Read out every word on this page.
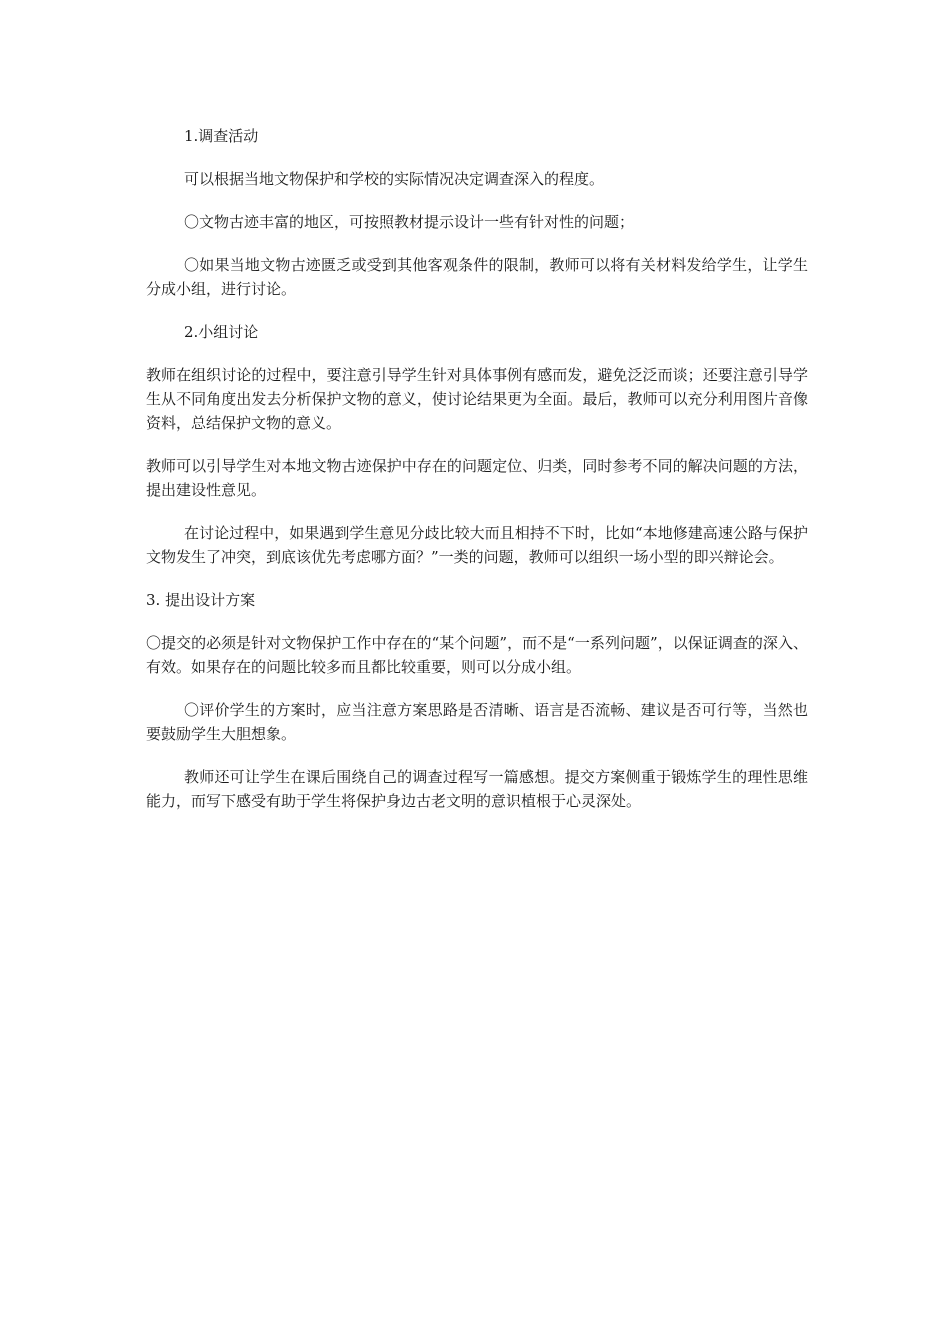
1.调查活动

可以根据当地文物保护和学校的实际情况决定调查深入的程度。

〇文物古迹丰富的地区，可按照教材提示设计一些有针对性的问题；

〇如果当地文物古迹匮乏或受到其他客观条件的限制，教师可以将有关材料发给学生，让学生分成小组，进行讨论。

2.小组讨论

教师在组织讨论的过程中，要注意引导学生针对具体事例有感而发，避免泛泛而谈；还要注意引导学生从不同角度出发去分析保护文物的意义，使讨论结果更为全面。最后，教师可以充分利用图片音像资料，总结保护文物的意义。

教师可以引导学生对本地文物古迹保护中存在的问题定位、归类，同时参考不同的解决问题的方法，提出建设性意见。

在讨论过程中，如果遇到学生意见分歧比较大而且相持不下时，比如“本地修建高速公路与保护文物发生了冲突，到底该优先考虑哪方面？”一类的问题，教师可以组织一场小型的即兴辩论会。

3. 提出设计方案

〇提交的必须是针对文物保护工作中存在的“某个问题”，而不是“一系列问题”，以保证调查的深入、有效。如果存在的问题比较多而且都比较重要，则可以分成小组。

〇评价学生的方案时，应当注意方案思路是否清晰、语言是否流畅、建议是否可行等，当然也要鼓励学生大胆想象。

教师还可让学生在课后围绕自己的调查过程写一篇感想。提交方案侧重于锻炼学生的理性思维能力，而写下感受有助于学生将保护身边古老文明的意识植根于心灵深处。
